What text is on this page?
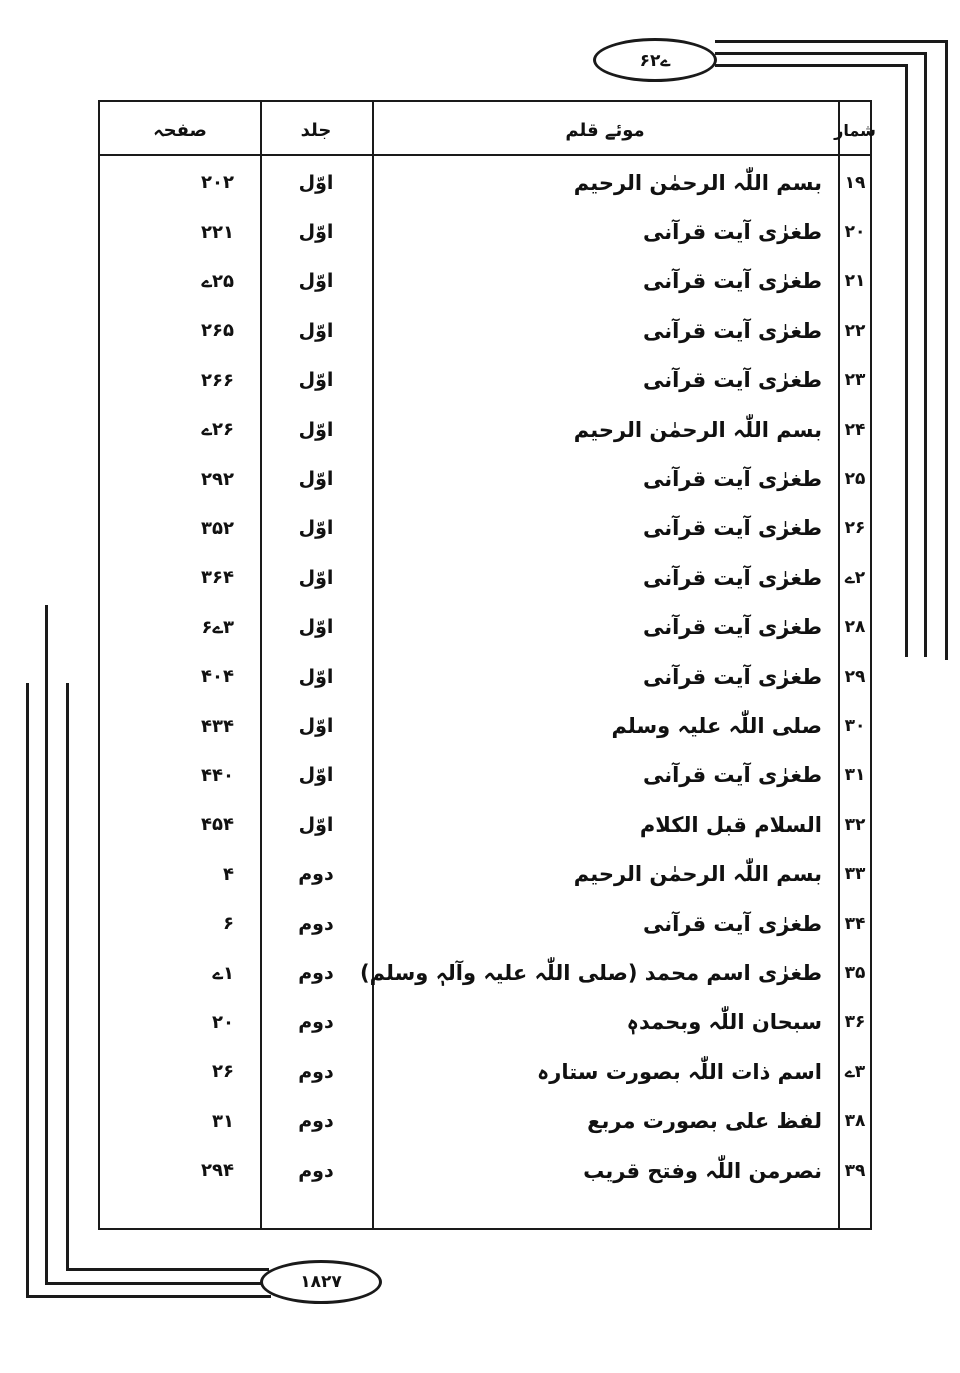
۶۲ے
۱۸۲۷
شمار
موئے قلم
جلد
صفحہ
۱۹
بسم اللّٰہ الرحمٰن الرحیم
اوّل
۲۰۲
۲۰
طغرٰی آیت قرآنی
اوّل
۲۲۱
۲۱
طغرٰی آیت قرآنی
اوّل
۲۵ے
۲۲
طغرٰی آیت قرآنی
اوّل
۲۶۵
۲۳
طغرٰی آیت قرآنی
اوّل
۲۶۶
۲۴
بسم اللّٰہ الرحمٰن الرحیم
اوّل
۲۶ے
۲۵
طغرٰی آیت قرآنی
اوّل
۲۹۲
۲۶
طغرٰی آیت قرآنی
اوّل
۳۵۲
۲ے
طغرٰی آیت قرآنی
اوّل
۳۶۴
۲۸
طغرٰی آیت قرآنی
اوّل
۳ے۶
۲۹
طغرٰی آیت قرآنی
اوّل
۴۰۴
۳۰
صلی اللّٰہ علیہ وسلم
اوّل
۴۳۴
۳۱
طغرٰی آیت قرآنی
اوّل
۴۴۰
۳۲
السلام قبل الکلام
اوّل
۴۵۴
۳۳
بسم اللّٰہ الرحمٰن الرحیم
دوم
۴
۳۴
طغرٰی آیت قرآنی
دوم
۶
۳۵
طغرٰی اسم محمد (صلی اللّٰہ علیہ وآلہٖ وسلم)
دوم
۱ے
۳۶
سبحان اللّٰہ وبحمدہٖ
دوم
۲۰
۳ے
اسم ذات اللّٰہ بصورت ستارہ
دوم
۲۶
۳۸
لفظ علی بصورت مربع
دوم
۳۱
۳۹
نصرمن اللّٰہ وفتح قریب
دوم
۲۹۴
